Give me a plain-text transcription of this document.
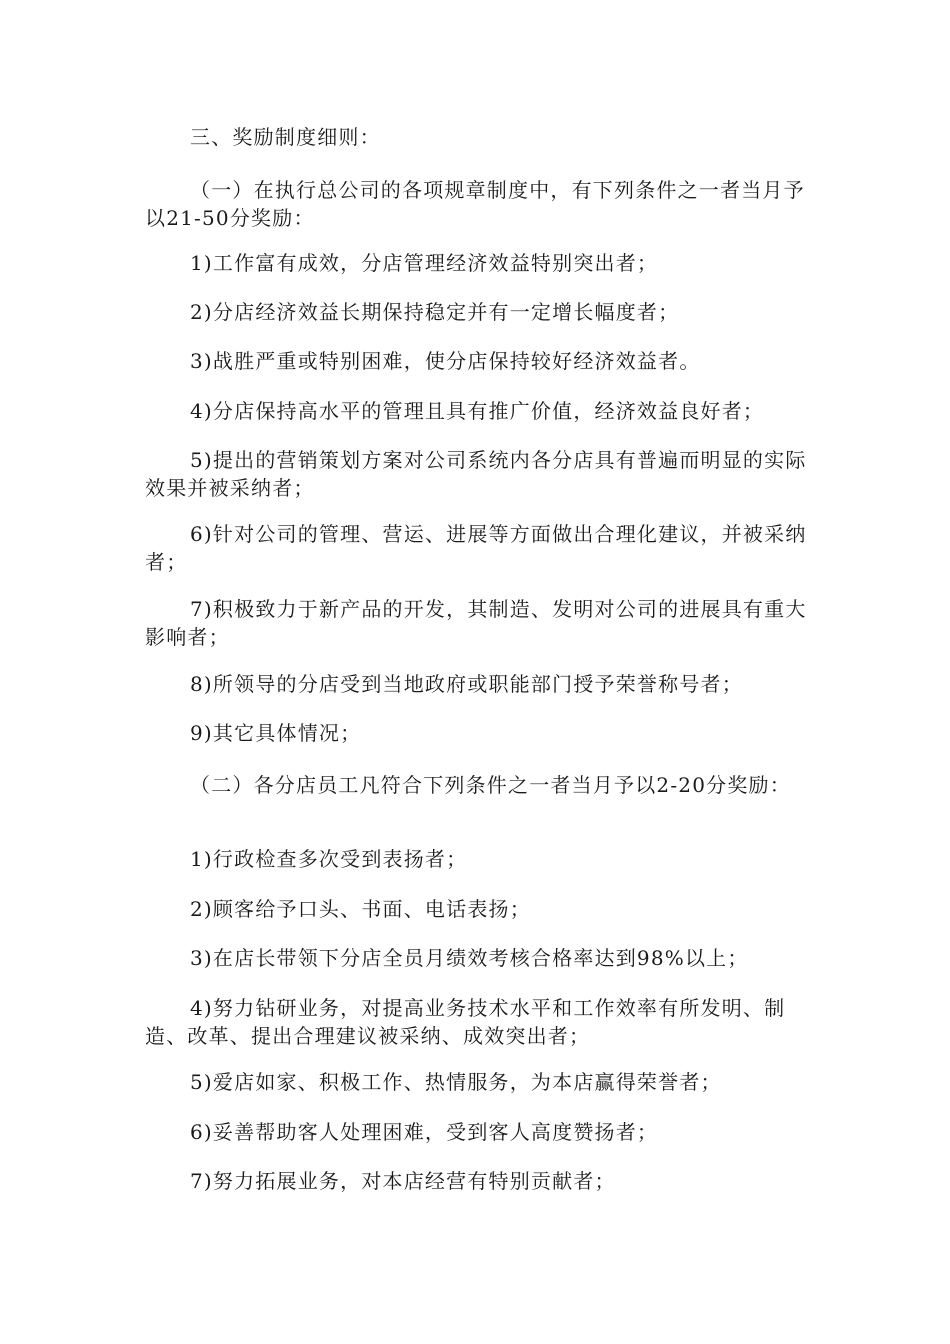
三、奖励制度细则：

（一）在执行总公司的各项规章制度中，有下列条件之一者当月予以21-50分奖励：

1)工作富有成效，分店管理经济效益特别突出者；

2)分店经济效益长期保持稳定并有一定增长幅度者；

3)战胜严重或特别困难，使分店保持较好经济效益者。

4)分店保持高水平的管理且具有推广价值，经济效益良好者；

5)提出的营销策划方案对公司系统内各分店具有普遍而明显的实际效果并被采纳者；

6)针对公司的管理、营运、进展等方面做出合理化建议，并被采纳者；

7)积极致力于新产品的开发，其制造、发明对公司的进展具有重大影响者；

8)所领导的分店受到当地政府或职能部门授予荣誉称号者；

9)其它具体情况；

（二）各分店员工凡符合下列条件之一者当月予以2-20分奖励：

1)行政检查多次受到表扬者；

2)顾客给予口头、书面、电话表扬；

3)在店长带领下分店全员月绩效考核合格率达到98%以上；

4)努力钻研业务，对提高业务技术水平和工作效率有所发明、制造、改革、提出合理建议被采纳、成效突出者；

5)爱店如家、积极工作、热情服务，为本店赢得荣誉者；

6)妥善帮助客人处理困难，受到客人高度赞扬者；

7)努力拓展业务，对本店经营有特别贡献者；
